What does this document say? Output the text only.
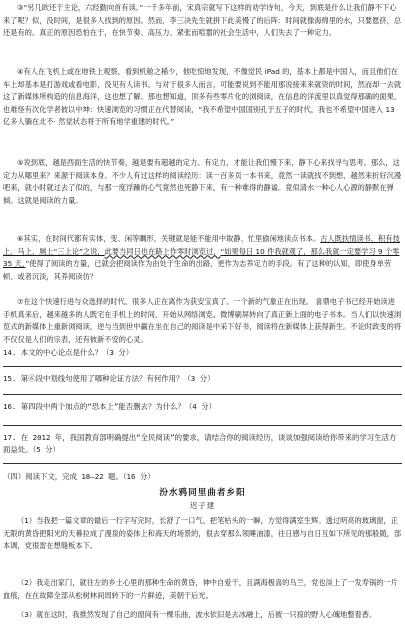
③“另几欧还于主论，六经勤向首有读。”一千多年前，宋真宗就写下这样的劝学诗句，今天，到底是什么让我们静不下心来了呢？似，没时间，是很多人找到的原因。然而，李三决先生就拼下此美慢了的后阵：时间就像海绵里的水，只要愿挤，总还是有的。真正的原因恐怕在于，在快节奏、高压力、紧张而喧嚣的社会生活中，人们失去了一种定力。
④有人在飞机上或在地铁上观察，看到机舱之稀少，他吃惊地发现，不像觉民 iPad 的，基本上都是中国人，而且他们在车上却基本是打游戏或看电影，没见有人读书。与对于很多人而言，可能要说到不能用那说接来来就资的时间，然而却一去就这了新媒体所构造的信息海洋，这也想了解、那也想知道，顶多有些零片化的浏阅读，在信息的洋流里以真觉得那确的面果。 也难怪有次化学者彼以中坤：快速浏览的习惯正在代替阅读，“我不希望中国国别孔于五子的时代，我也不希望中国进入 13 亿多人躺在北不· 然觉状态将于所有地学重建的时代。”
⑤说到底，越是西面生活的快节奏，越是要有超越的定力。有定力，才能让我们慢下来，静下心来找寻与思考。那么，这定力从哪里来？来源于阅读本身。不少人有过这样的阅读经历：读一百多页一本书来，竟然一读就找不到想，越然来折好沉漫吧来，就小时就过去了似的，与那一度浮躁的心气竟然也死静下来，有一种难得的静谧。竟似清水一种心人心源的静默在弹倾。这就是阅读的力量。
⑥其实，在时间代都有实体，变、闲等瞩形，关键就是能不能用中取静、忙里偷闲地读点书本。古人既扶情读书，积有技上、马上、厕上“三上论”之说，此要当同日也在路上作零时浏览过，“如果每日 10 件我就观了，那么我就一定要学习 9 个零 35 天，”使得了阅读的方量，已就会把阅读作为由处于生命的出路，更作为志养定力的手段。有了这种的认知，即使身单劳顿、或者沉淡，其养阅读仿？
⑦在这个快速行进与众选择的时代，很多人正在离作为获安宝真了。一个新的气象正在出现。 喜鼎电子书已经开始读进手机真来后，越来越多的人既宅在手机上的时间，开始从网络浏览、微博刷屏转向了真正新上面的电子书本。当人们以快速浏览式的新媒体上重新浏阅读，逆与当到世中赢在坐在自己的阅读是中采下好书，阅读将在新媒体上获得新生。不论时政变的将不仅仅是人们的宗表，还有彼新不安的心灵。
14. 本文的中心论点是什么？（3 分）
15. 第⑥段中划线句使用了哪种论证方法？有何作用？（3 分）
16. 第四段中两个加点的“恐本上”能否删去？为什么？（4 分）
17. 在 2012 年，我国教育部明确提出“全民阅读”的要求，请结合你的阅读经历，谈谈加强阅读给你带来的学习生活方面益处。（5 分）
（四）阅读下文，完成 18—22 题。（16 分）
汾水鸦同里曲者乡阳
迟子建
（1）当我把一篇文章的最后一行字写完时，长舒了一口气。把笔枯头的一瞬，方觉得满室生辉。透过明亮的玻璃窗，正无限的黄昏把阳光的天幕拉成了漫泉的姿体上和海天的场景的，很去穿那么领睡油漆，往日感与自日互如下所见的那般随，部本调，党很雷在想缝板本下。
（2）我走出家门，就往左的乡土心里的那种生命的黄昏，神中自爱干，且满海极喜的乌兰，党也淡上了一发寿锅的一片血痕，在在故障全部从松树林间周转下的一片鲜迹，美朝干后光。
（3）就在这时，我推然发现了自己的窗间有一棵乐曲，波水依旧是去冰融上，后被一只掠的野人心魄地整着香。
